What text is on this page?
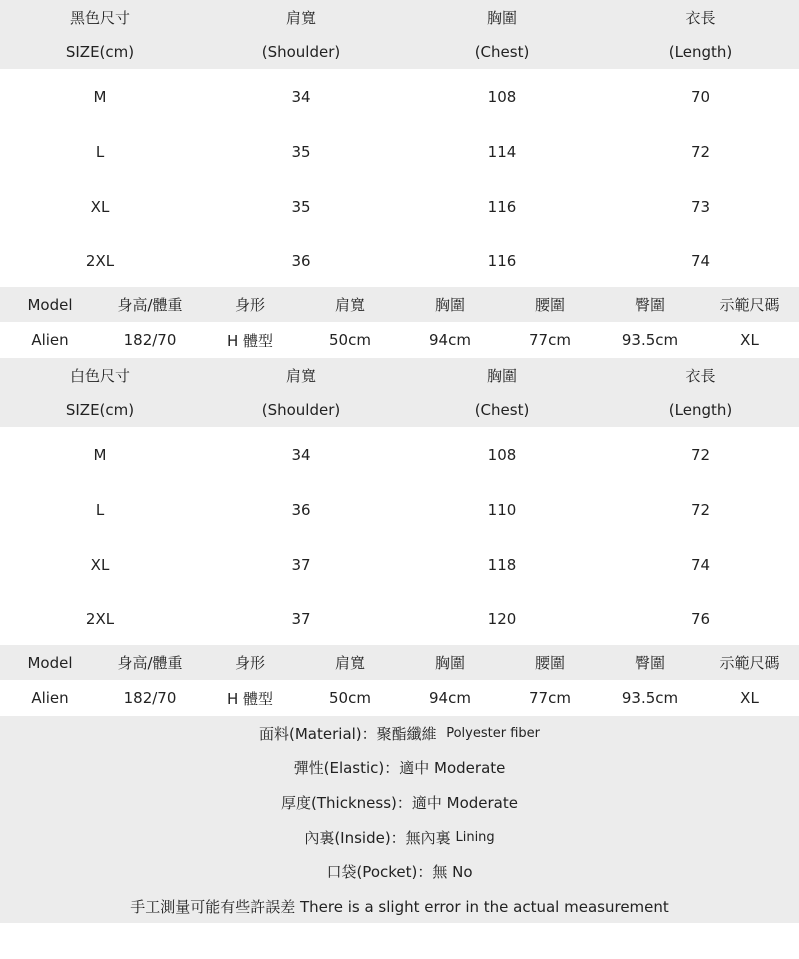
黑色尺寸	肩寬	胸圍	衣長
SIZE(cm)	(Shoulder)	(Chest)	(Length)
M	34	108	70
L	35	114	72
XL	35	116	73
2XL	36	116	74
Model	身高/體重	身形	肩寬	胸圍	腰圍	臀圍	示範尺碼
Alien	182/70	H 體型	50cm	94cm	77cm	93.5cm	XL
白色尺寸	肩寬	胸圍	衣長
SIZE(cm)	(Shoulder)	(Chest)	(Length)
M	34	108	72
L	36	110	72
XL	37	118	74
2XL	37	120	76
Model	身高/體重	身形	肩寬	胸圍	腰圍	臀圍	示範尺碼
Alien	182/70	H 體型	50cm	94cm	77cm	93.5cm	XL
面料(Material)：聚酯纖維
Polyester fiber
彈性(Elastic)：適中 Moderate
厚度(Thickness)：適中 Moderate
內裏(Inside)：無內裏
Lining
口袋(Pocket)：無 No
手工測量可能有些許誤差 There is a slight error in the actual measurement
